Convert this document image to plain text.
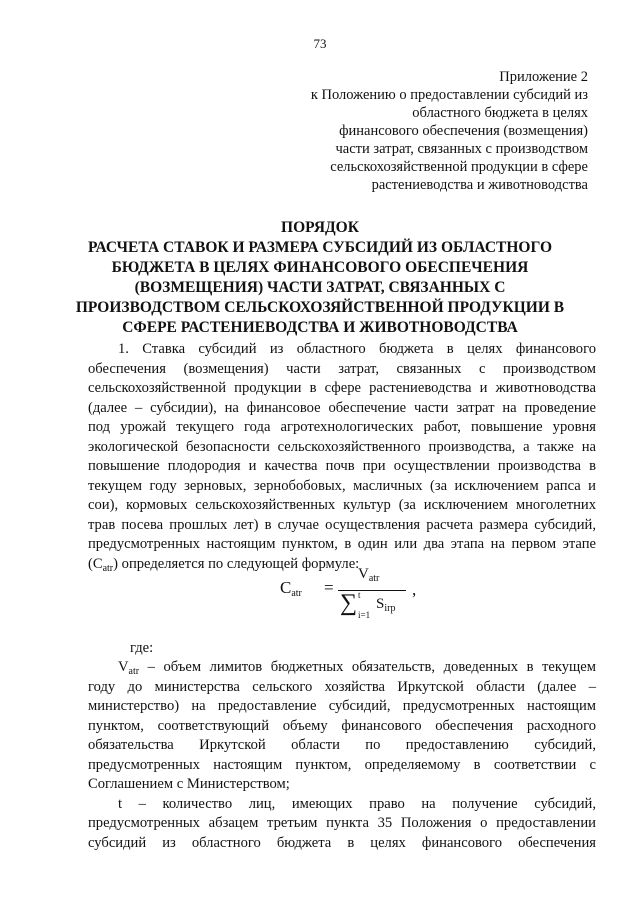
73
Приложение 2
к Положению о предоставлении субсидий из
областного бюджета в целях
финансового обеспечения (возмещения)
части затрат, связанных с производством
сельскохозяйственной продукции в сфере
растениеводства и животноводства
ПОРЯДОК
РАСЧЕТА СТАВОК И РАЗМЕРА СУБСИДИЙ ИЗ ОБЛАСТНОГО
БЮДЖЕТА В ЦЕЛЯХ ФИНАНСОВОГО ОБЕСПЕЧЕНИЯ
(ВОЗМЕЩЕНИЯ) ЧАСТИ ЗАТРАТ, СВЯЗАННЫХ С
ПРОИЗВОДСТВОМ СЕЛЬСКОХОЗЯЙСТВЕННОЙ ПРОДУКЦИИ В
СФЕРЕ РАСТЕНИЕВОДСТВА И ЖИВОТНОВОДСТВА
1. Ставка субсидий из областного бюджета в целях финансового
обеспечения (возмещения) части затрат, связанных с производством
сельскохозяйственной продукции в сфере растениеводства и животноводства
(далее – субсидии), на финансовое обеспечение части затрат на проведение
под урожай текущего года агротехнологических работ, повышение уровня
экологической безопасности сельскохозяйственного производства, а также на
повышение плодородия и качества почв при осуществлении производства в
текущем году зерновых, зернобобовых, масличных (за исключением рапса и
сои), кормовых сельскохозяйственных культур (за исключением многолетних
трав посева прошлых лет) в случае осуществления расчета размера субсидий,
предусмотренных настоящим пунктом, в один или два этапа на первом этапе
$(C_{atr})$ определяется по следующей формуле:
$C_{atr}$ =
$V_{atr}$
∑ t
i=1
$S_{irp}$
,
где:
$V_{atr}$ – объем лимитов бюджетных обязательств, доведенных в текущем
году до министерства сельского хозяйства Иркутской области (далее –
министерство) на предоставление субсидий, предусмотренных настоящим
пунктом, соответствующий объему финансового обеспечения расходного
обязательства Иркутской области по предоставлению субсидий,
предусмотренных настоящим пунктом, определяемому в соответствии с
Соглашением с Министерством;
t – количество лиц, имеющих право на получение субсидий,
предусмотренных абзацем третьим пункта 35 Положения о предоставлении
субсидий из областного бюджета в целях финансового обеспечения
